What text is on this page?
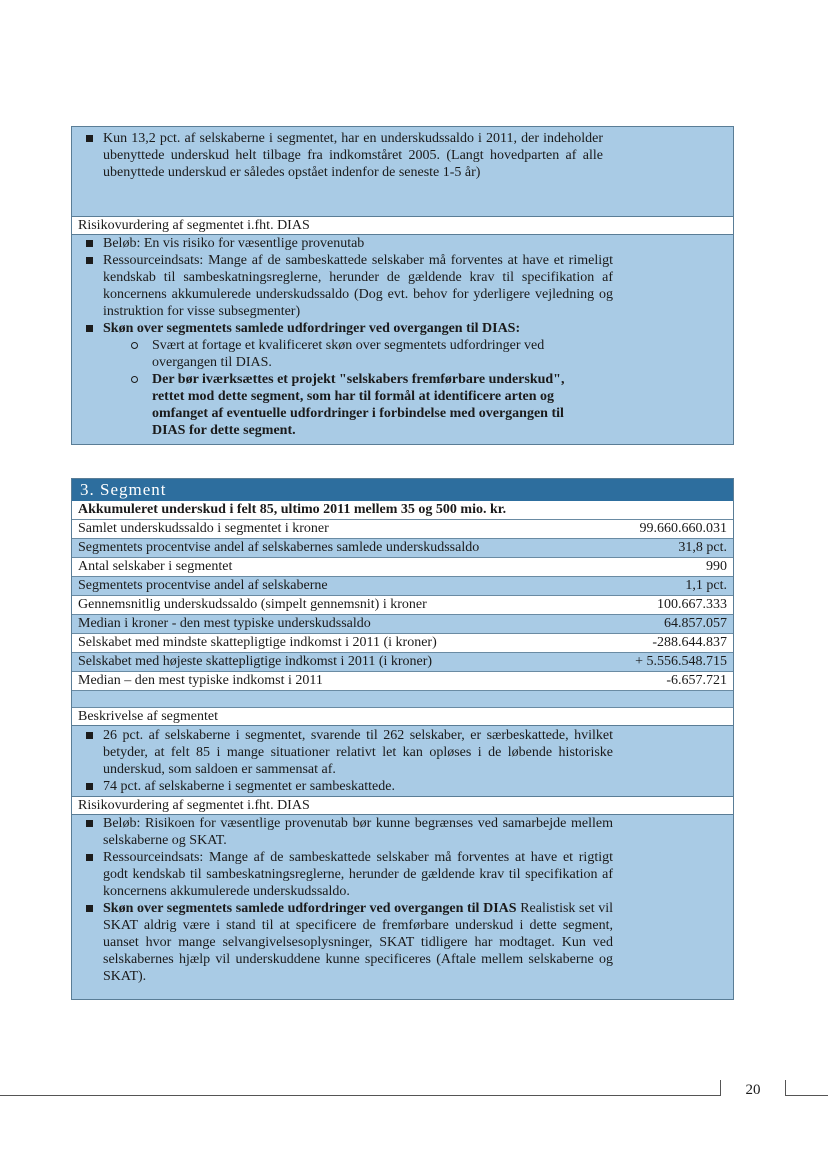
Kun 13,2 pct. af selskaberne i segmentet, har en underskudssaldo i 2011, der indeholder ubenyttede underskud helt tilbage fra indkomståret 2005. (Langt hovedparten af alle ubenyttede underskud er således opstået indenfor de seneste 1-5 år)
Risikovurdering af segmentet i.fht. DIAS
Beløb: En vis risiko for væsentlige provenutab
Ressourceindsats: Mange af de sambeskattede selskaber må forventes at have et rimeligt kendskab til sambeskatningsreglerne, herunder de gældende krav til specifikation af koncernens akkumulerede underskudssaldo (Dog evt. behov for yderligere vejledning og instruktion for visse subsegmenter)
Skøn over segmentets samlede udfordringer ved overgangen til DIAS:
Svært at fortage et kvalificeret skøn over segmentets udfordringer ved overgangen til DIAS.
Der bør iværksættes et projekt "selskabers fremførbare underskud", rettet mod dette segment, som har til formål at identificere arten og omfanget af eventuelle udfordringer i forbindelse med overgangen til DIAS for dette segment.
3. Segment
Akkumuleret underskud i felt 85, ultimo 2011 mellem 35 og 500 mio. kr.
Samlet underskudssaldo i segmentet i kroner	99.660.660.031
Segmentets procentvise andel af selskabernes samlede underskudssaldo	31,8 pct.
Antal selskaber i segmentet	990
Segmentets procentvise andel af selskaberne	1,1 pct.
Gennemsnitlig underskudssaldo (simpelt gennemsnit) i kroner	100.667.333
Median i kroner - den mest typiske underskudssaldo	64.857.057
Selskabet med mindste skattepligtige indkomst i 2011 (i kroner)	-288.644.837
Selskabet med højeste skattepligtige indkomst i 2011 (i kroner)	+ 5.556.548.715
Median – den mest typiske indkomst i 2011	-6.657.721
Beskrivelse af segmentet
26 pct. af selskaberne i segmentet, svarende til 262 selskaber, er særbeskattede, hvilket betyder, at felt 85 i mange situationer relativt let kan opløses i de løbende historiske underskud, som saldoen er sammensat af.
74 pct. af selskaberne i segmentet er sambeskattede.
Risikovurdering af segmentet i.fht. DIAS
Beløb: Risikoen for væsentlige provenutab bør kunne begrænses ved samarbejde mellem selskaberne og SKAT.
Ressourceindsats: Mange af de sambeskattede selskaber må forventes at have et rigtigt godt kendskab til sambeskatningsreglerne, herunder de gældende krav til specifikation af koncernens akkumulerede underskudssaldo.
Skøn over segmentets samlede udfordringer ved overgangen til DIAS Realistisk set vil SKAT aldrig være i stand til at specificere de fremførbare underskud i dette segment, uanset hvor mange selvangivelsesoplysninger, SKAT tidligere har modtaget. Kun ved selskabernes hjælp vil underskuddene kunne specificeres (Aftale mellem selskaberne og SKAT).
20
